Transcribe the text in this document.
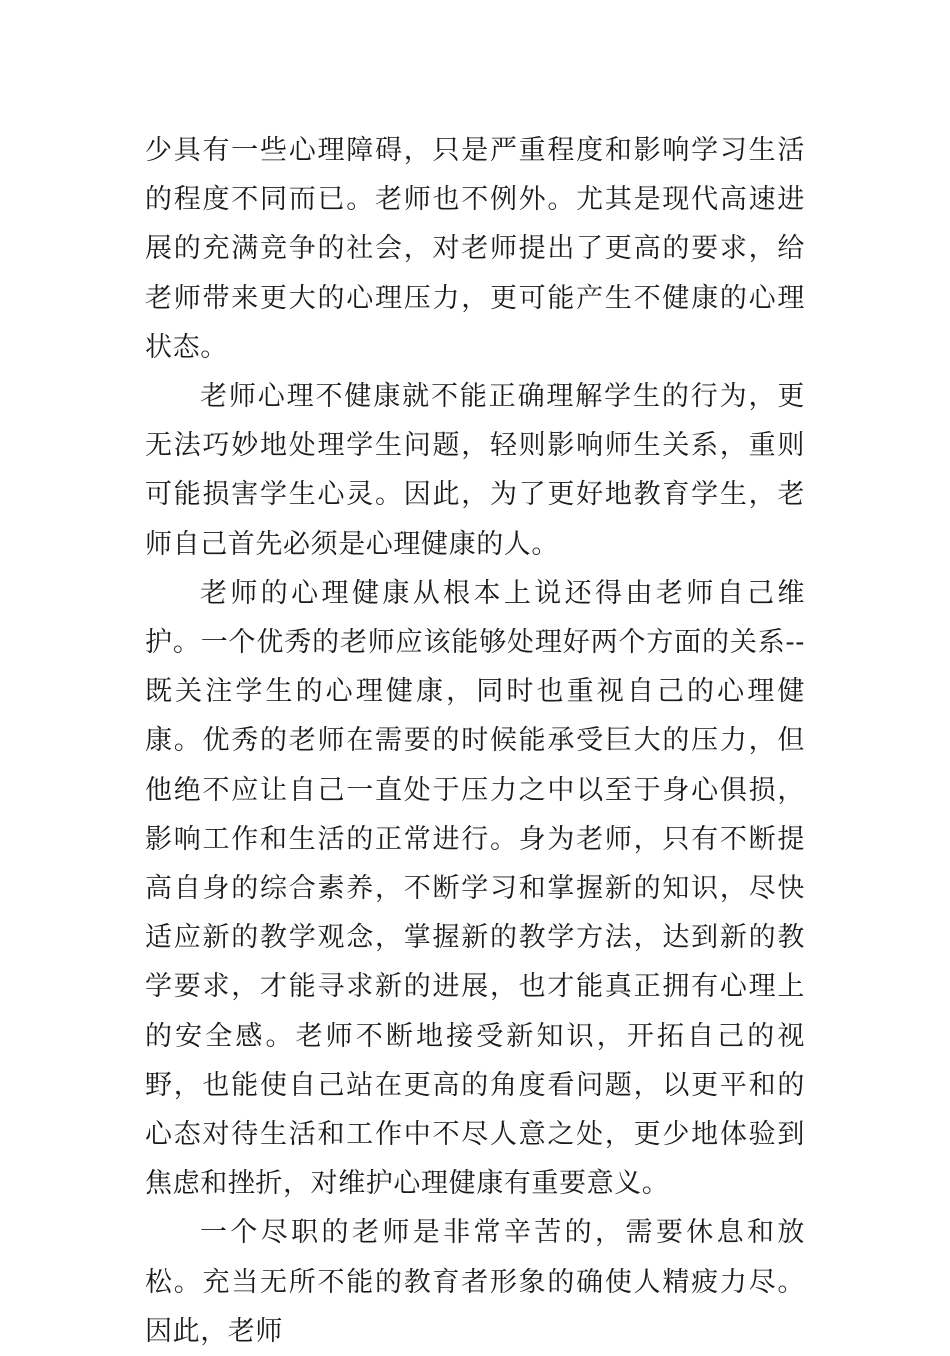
少具有一些心理障碍，只是严重程度和影响学习生活的程度不同而已。老师也不例外。尤其是现代高速进展的充满竞争的社会，对老师提出了更高的要求，给老师带来更大的心理压力，更可能产生不健康的心理状态。

老师心理不健康就不能正确理解学生的行为，更无法巧妙地处理学生问题，轻则影响师生关系，重则可能损害学生心灵。因此，为了更好地教育学生，老师自己首先必须是心理健康的人。

老师的心理健康从根本上说还得由老师自己维护。一个优秀的老师应该能够处理好两个方面的关系--既关注学生的心理健康，同时也重视自己的心理健康。优秀的老师在需要的时候能承受巨大的压力，但他绝不应让自己一直处于压力之中以至于身心俱损，影响工作和生活的正常进行。身为老师，只有不断提高自身的综合素养，不断学习和掌握新的知识，尽快适应新的教学观念，掌握新的教学方法，达到新的教学要求，才能寻求新的进展，也才能真正拥有心理上的安全感。老师不断地接受新知识，开拓自己的视野，也能使自己站在更高的角度看问题，以更平和的心态对待生活和工作中不尽人意之处，更少地体验到焦虑和挫折，对维护心理健康有重要意义。

一个尽职的老师是非常辛苦的，需要休息和放松。充当无所不能的教育者形象的确使人精疲力尽。因此，老师
